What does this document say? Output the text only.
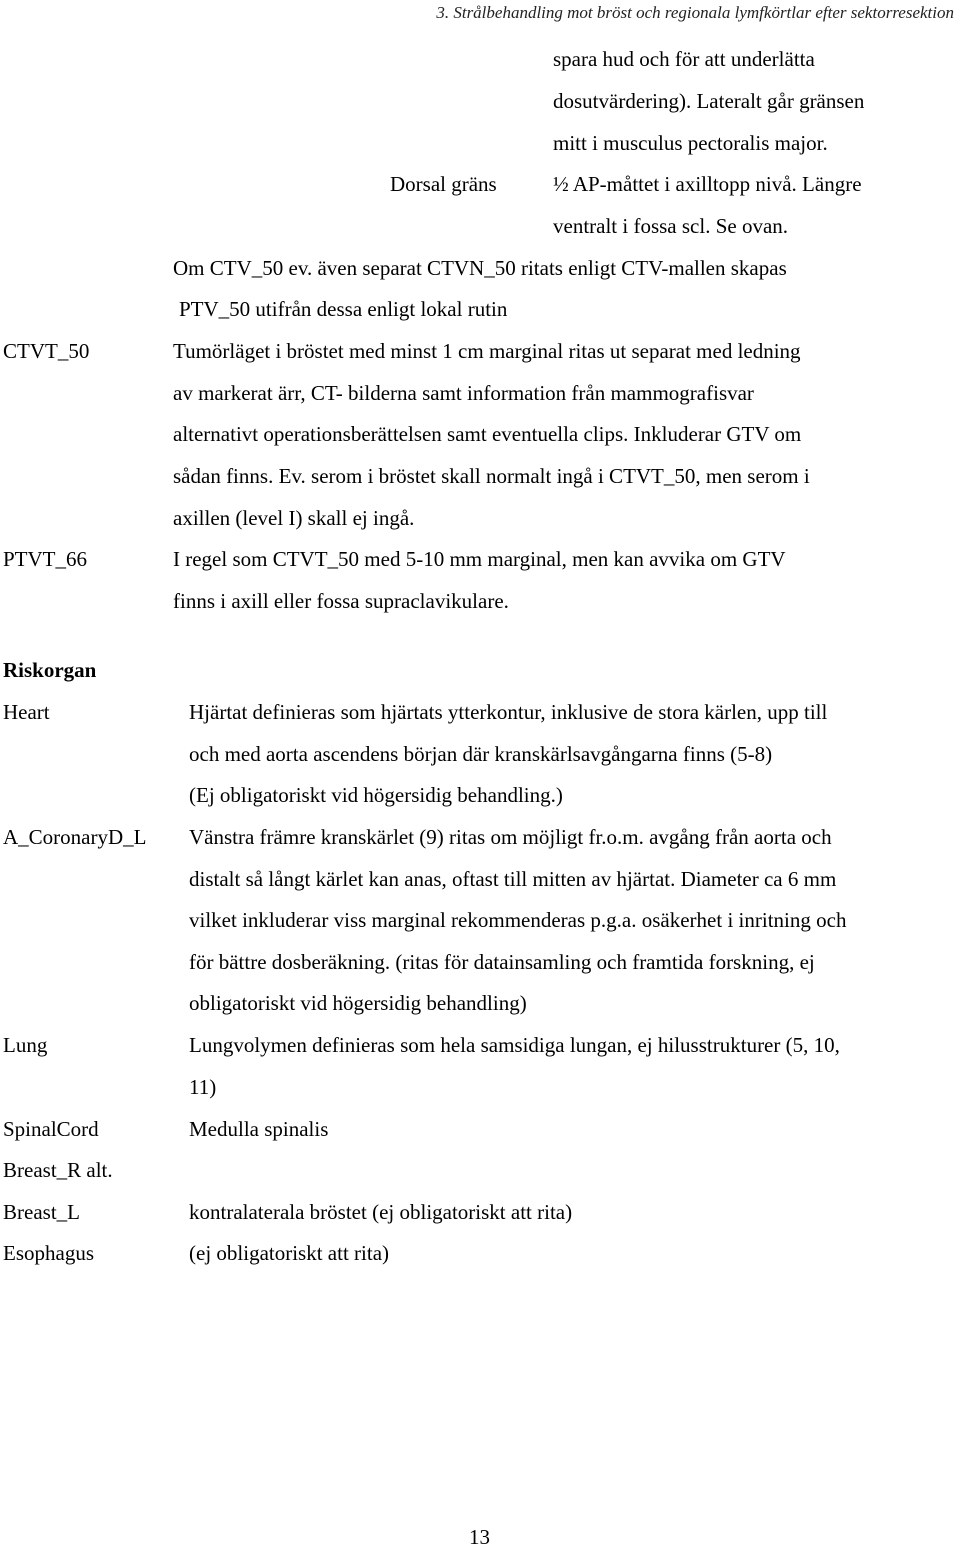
3. Strålbehandling mot bröst och regionala lymfkörtlar efter sektorresektion
spara hud och för att underlätta
dosutvärdering). Lateralt går gränsen
mitt i musculus pectoralis major.
Dorsal gräns	½ AP-måttet i axilltopp nivå. Längre
ventralt i fossa scl. Se ovan.
Om CTV_50 ev. även separat CTVN_50 ritats enligt CTV-mallen skapas
PTV_50 utifrån dessa enligt lokal rutin
CTVT_50	Tumörläget i bröstet med minst 1 cm marginal ritas ut separat med ledning
av markerat ärr, CT- bilderna samt information från mammografisvar
alternativt operationsberättelsen samt eventuella clips. Inkluderar GTV om
sådan finns. Ev. serom i bröstet skall normalt ingå i CTVT_50, men serom i
axillen (level I) skall ej ingå.
PTVT_66	I regel som CTVT_50 med 5-10 mm marginal, men kan avvika om GTV
finns i axill eller fossa supraclavikulare.
Riskorgan
Heart	Hjärtat definieras som hjärtats ytterkontur, inklusive de stora kärlen, upp till
och med aorta ascendens början där kranskärlsavgångarna finns (5-8)
(Ej obligatoriskt vid högersidig behandling.)
A_CoronaryD_L Vänstra främre kranskärlet (9) ritas om möjligt fr.o.m. avgång från aorta och
distalt så långt kärlet kan anas, oftast till mitten av hjärtat. Diameter ca 6 mm
vilket inkluderar viss marginal rekommenderas p.g.a. osäkerhet i inritning och
för bättre dosberäkning. (ritas för datainsamling och framtida forskning, ej
obligatoriskt vid högersidig behandling)
Lung	Lungvolymen definieras som hela samsidiga lungan, ej hilusstrukturer (5, 10,
11)
SpinalCord	Medulla spinalis
Breast_R alt.
Breast_L	kontralaterala bröstet (ej obligatoriskt att rita)
Esophagus	(ej obligatoriskt att rita)
13
